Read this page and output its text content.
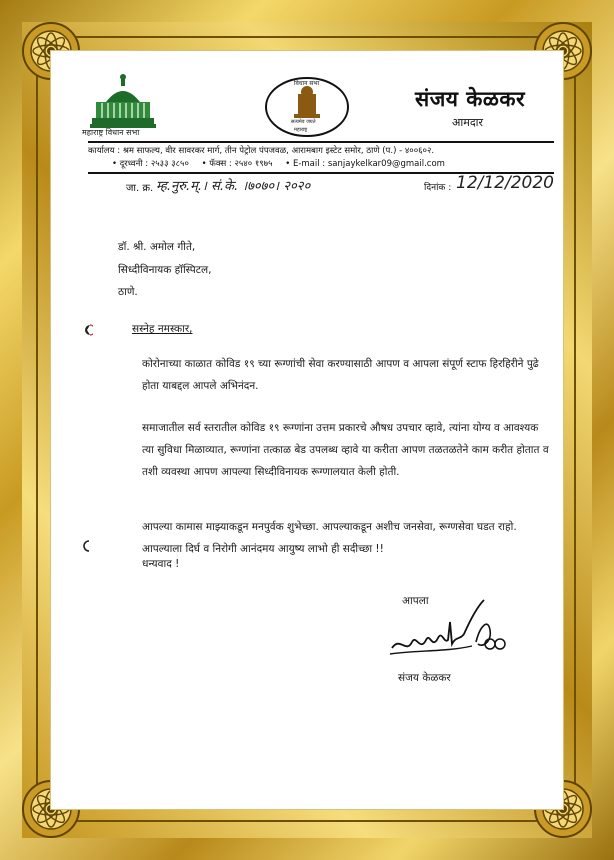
महाराष्ट्र विधान सभा
विधान सभा
सत्यमेव जयते
महाराष्ट्र
संजय केळकर
आमदार
कार्यालय : श्रम साफल्य, वीर सावरकर मार्ग, तीन पेट्रोल पंपजवळ, आरामबाग इस्टेट समोर, ठाणे (प.) - ४००६०२.
• दूरध्वनी : २५३३ ३८५० • फॅक्स : २५४० १९७५ • E-mail : sanjaykelkar09@gmail.com
जा. क्र. म्ह.नुरु.म्.। सं.के. ।७०७०। २०२०	दिनांक : 12/12/2020
डॉ. श्री. अमोल गीते,
सिध्दीविनायक हॉस्पिटल,
ठाणे.
सस्नेह नमस्कार,
कोरोनाच्या काळात कोविड १९ च्या रूग्णांची सेवा करण्यासाठी आपण व आपला संपूर्ण स्टाफ हिरहिरीने पुढे होता याबद्दल आपले अभिनंदन.
समाजातील सर्व स्तरातील कोविड १९ रूग्णांना उत्तम प्रकारचे औषध उपचार व्हावे, त्यांना योग्य व आवश्यक त्या सुविधा मिळाव्यात, रूग्णांना तत्काळ बेड उपलब्ध व्हावे या करीता आपण तळतळतेने काम करीत होतात व तशी व्यवस्था आपण आपल्या सिध्दीविनायक रूग्णालयात केली होती.
आपल्या कामास माझ्याकडून मनपुर्वक शुभेच्छा. आपल्याकडून अशीच जनसेवा, रूग्णसेवा घडत राहो. आपल्याला दिर्घ व निरोगी आनंदमय आयुष्य लाभो ही सदीच्छा !!
धन्यवाद !
आपला
संजय केळकर
